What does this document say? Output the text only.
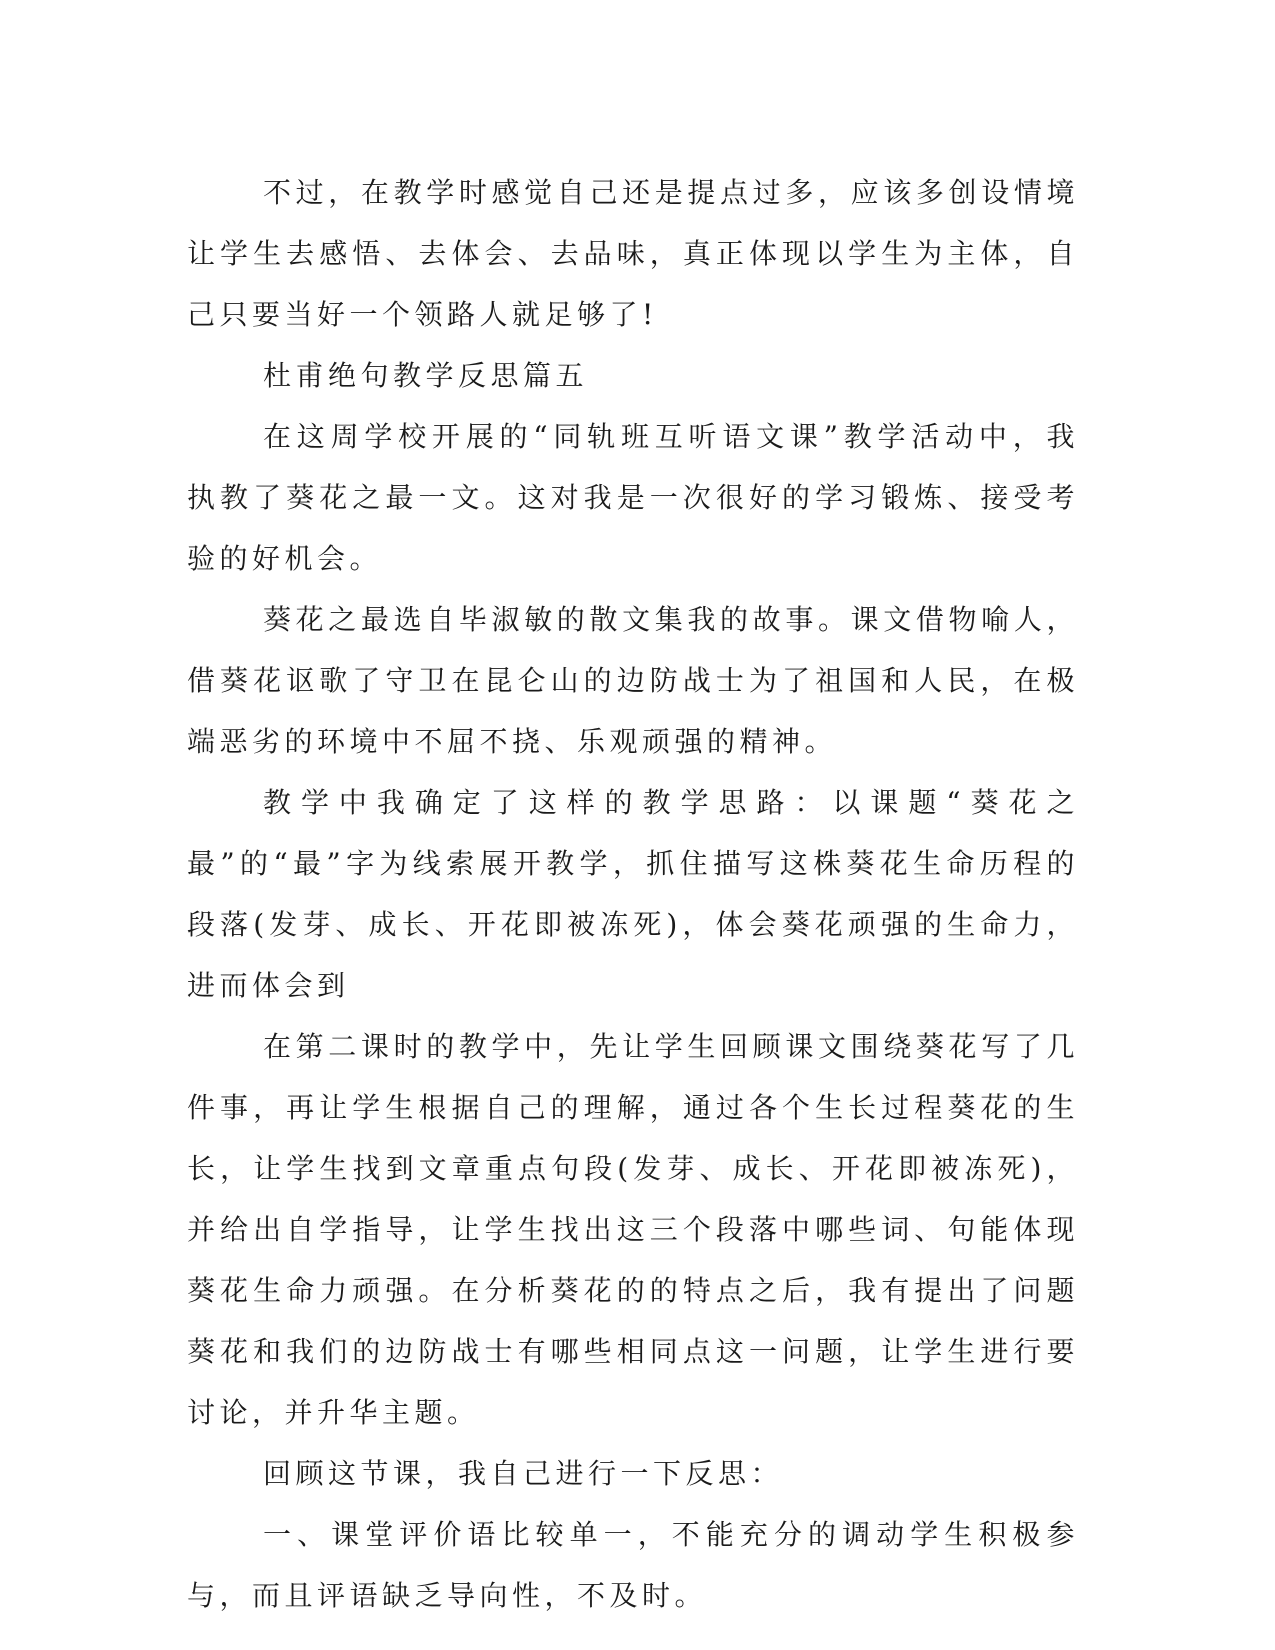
不过，在教学时感觉自己还是提点过多，应该多创设情境让学生去感悟、去体会、去品味，真正体现以学生为主体，自己只要当好一个领路人就足够了!

杜甫绝句教学反思篇五

在这周学校开展的“同轨班互听语文课”教学活动中，我执教了葵花之最一文。这对我是一次很好的学习锻炼、接受考验的好机会。

葵花之最选自毕淑敏的散文集我的故事。课文借物喻人，借葵花讴歌了守卫在昆仑山的边防战士为了祖国和人民，在极端恶劣的环境中不屈不挠、乐观顽强的精神。

教学中我确定了这样的教学思路：以课题“葵花之最”的“最”字为线索展开教学，抓住描写这株葵花生命历程的段落(发芽、成长、开花即被冻死)，体会葵花顽强的生命力，进而体会到

在第二课时的教学中，先让学生回顾课文围绕葵花写了几件事，再让学生根据自己的理解，通过各个生长过程葵花的生长，让学生找到文章重点句段(发芽、成长、开花即被冻死)，并给出自学指导，让学生找出这三个段落中哪些词、句能体现葵花生命力顽强。在分析葵花的的特点之后，我有提出了问题葵花和我们的边防战士有哪些相同点这一问题，让学生进行要讨论，并升华主题。

回顾这节课，我自己进行一下反思：

一、课堂评价语比较单一，不能充分的调动学生积极参与，而且评语缺乏导向性，不及时。
